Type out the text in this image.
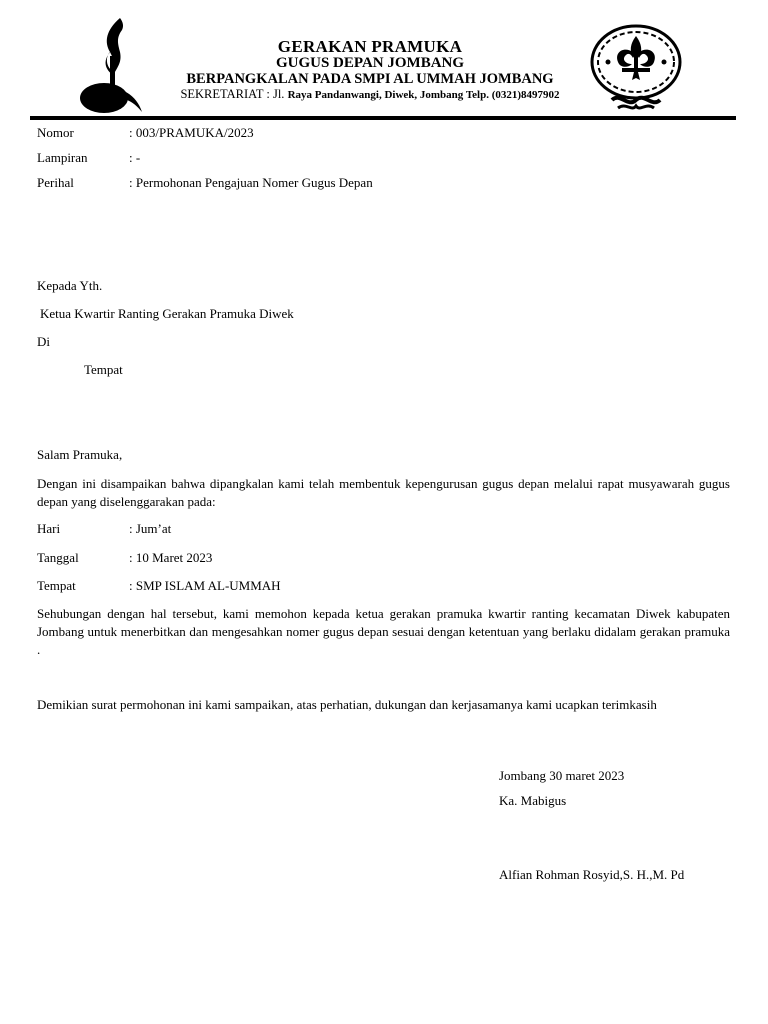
GERAKAN PRAMUKA
GUGUS DEPAN JOMBANG
BERPANGKALAN PADA SMPI AL UMMAH JOMBANG
SEKRETARIAT : Jl. Raya Pandanwangi, Diwek, Jombang Telp. (0321)8497902
Nomor	: 003/PRAMUKA/2023
Lampiran	: -
Perihal	: Permohonan Pengajuan Nomer Gugus Depan
Kepada Yth.
Ketua Kwartir Ranting Gerakan Pramuka Diwek
Di
Tempat
Salam Pramuka,
Dengan ini disampaikan bahwa dipangkalan kami telah membentuk kepengurusan gugus depan melalui rapat musyawarah gugus depan yang diselenggarakan pada:
Hari	: Jum’at
Tanggal	: 10 Maret 2023
Tempat	: SMP ISLAM AL-UMMAH
Sehubungan dengan hal tersebut, kami memohon kepada ketua gerakan pramuka kwartir ranting kecamatan Diwek kabupaten Jombang untuk menerbitkan dan mengesahkan nomer gugus depan sesuai dengan ketentuan yang berlaku didalam gerakan pramuka .
Demikian surat permohonan ini kami sampaikan, atas perhatian, dukungan dan kerjasamanya kami ucapkan terimkasih
Jombang 30 maret 2023
Ka. Mabigus
Alfian Rohman Rosyid,S. H.,M. Pd
